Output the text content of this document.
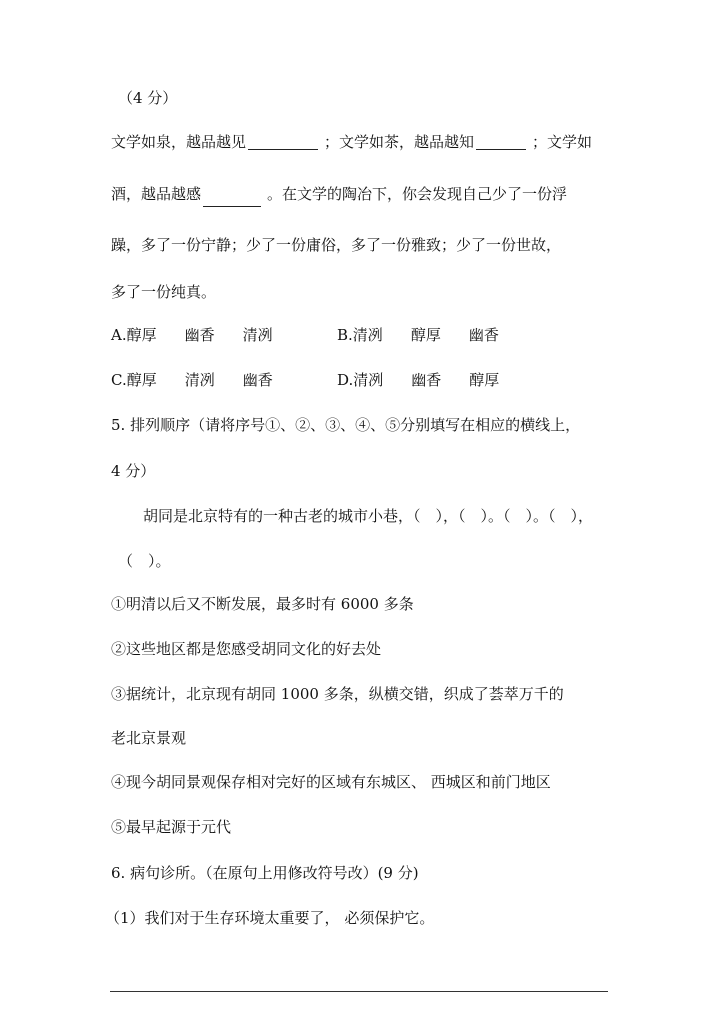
（4 分）
文学如泉，越品越见	；文学如茶，越品越知	；文学如
酒，越品越感	。在文学的陶冶下，你会发现自己少了一份浮
躁，多了一份宁静；少了一份庸俗，多了一份雅致；少了一份世故，
多了一份纯真。
A.醇厚 幽香 清冽	B.清冽 醇厚 幽香
C.醇厚 清冽 幽香	D.清冽 幽香 醇厚
5. 排列顺序（请将序号①、②、③、④、⑤分别填写在相应的横线上，
4 分）
胡同是北京特有的一种古老的城市小巷，（　），（　）。（　）。（　），
（　）。
①明清以后又不断发展，最多时有 6000 多条
②这些地区都是您感受胡同文化的好去处
③据统计，北京现有胡同 1000 多条，纵横交错，织成了荟萃万千的
老北京景观
④现今胡同景观保存相对完好的区域有东城区、 西城区和前门地区
⑤最早起源于元代
6. 病句诊所。（在原句上用修改符号改）(9 分)
（1）我们对于生存环境太重要了， 必须保护它。
